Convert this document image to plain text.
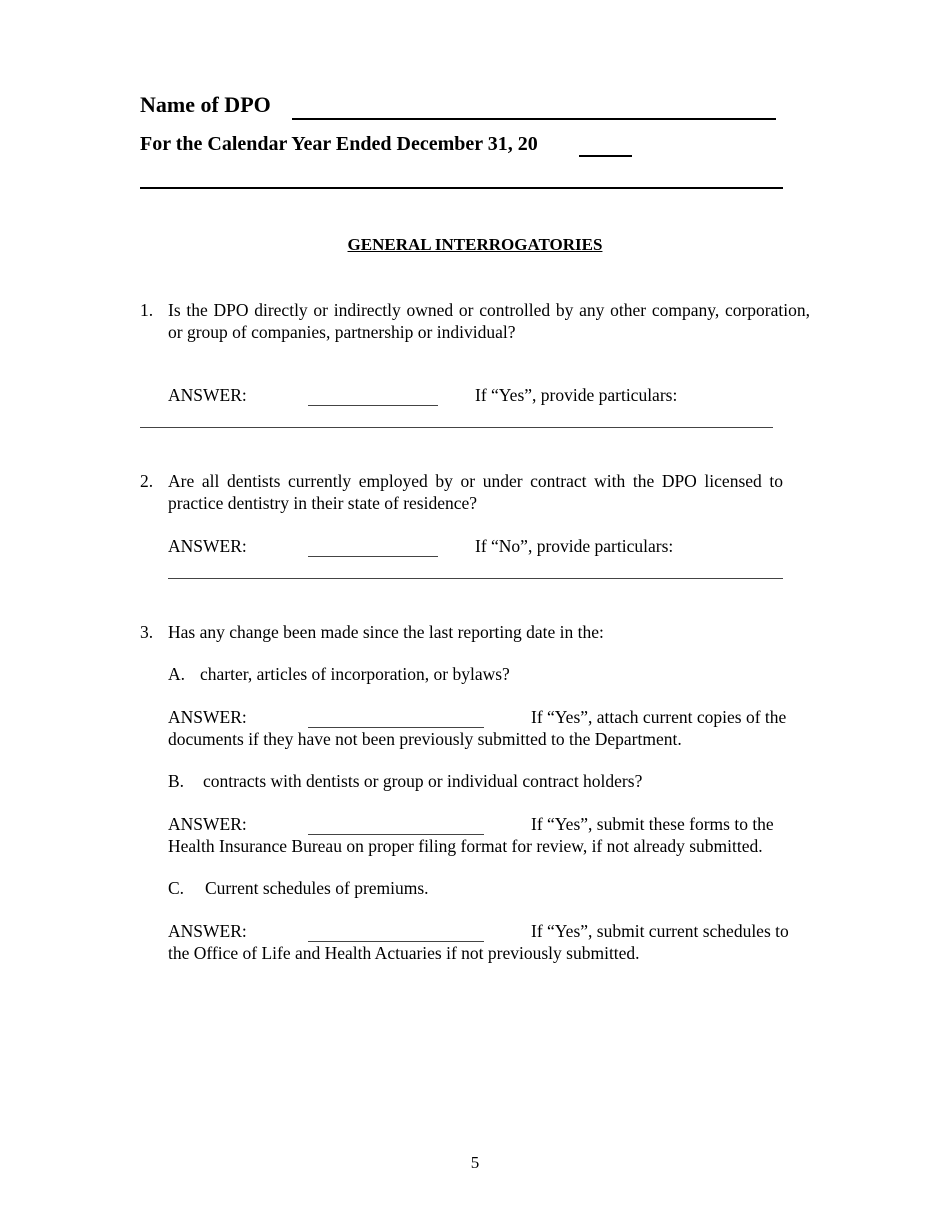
Name of DPO
For the Calendar Year Ended December 31, 20
GENERAL INTERROGATORIES
1. Is the DPO directly or indirectly owned or controlled by any other company, corporation, or group of companies, partnership or individual?
ANSWER:	If “Yes”, provide particulars:
2. Are all dentists currently employed by or under contract with the DPO licensed to practice dentistry in their state of residence?
ANSWER:	If “No”, provide particulars:
3. Has any change been made since the last reporting date in the:
A. charter, articles of incorporation, or bylaws?
ANSWER:	If “Yes”, attach current copies of the
documents if they have not been previously submitted to the Department.
B. contracts with dentists or group or individual contract holders?
ANSWER:	If “Yes”, submit these forms to the
Health Insurance Bureau on proper filing format for review, if not already submitted.
C. Current schedules of premiums.
ANSWER:	If “Yes”, submit current schedules to
the Office of Life and Health Actuaries if not previously submitted.
5
